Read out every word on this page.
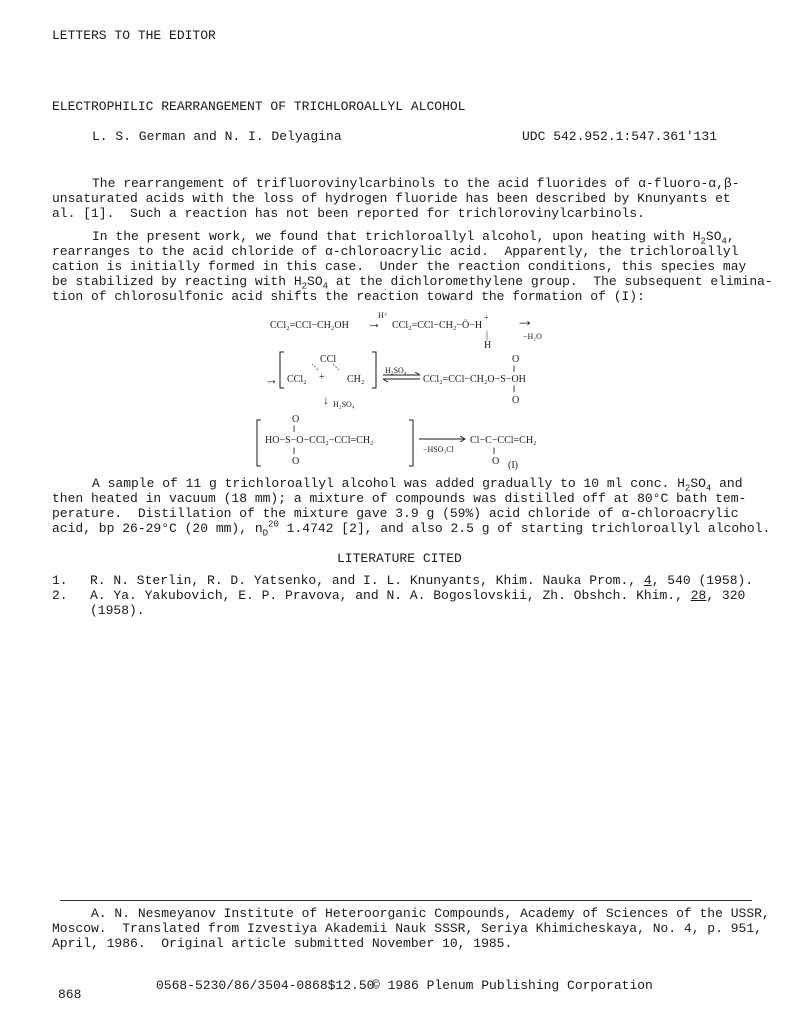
LETTERS TO THE EDITOR
ELECTROPHILIC REARRANGEMENT OF TRICHLOROALLYL ALCOHOL
L. S. German and N. I. Delyagina	UDC 542.952.1:547.361'131
The rearrangement of trifluorovinylcarbinols to the acid fluorides of α-fluoro-α,β-
unsaturated acids with the loss of hydrogen fluoride has been described by Knunyants et
al. [1].  Such a reaction has not been reported for trichlorovinylcarbinols.
In the present work, we found that trichloroallyl alcohol, upon heating with $H_2SO_4$,
rearranges to the acid chloride of α-chloroacrylic acid.  Apparently, the trichloroallyl
cation is initially formed in this case.  Under the reaction conditions, this species may
be stabilized by reacting with $H_2SO_4$ at the dichloromethylene group.  The subsequent elimina-
tion of chlorosulfonic acid shifts the reaction toward the formation of (I):
CCl₂=CCl−CH₂OH
H⁺
→ CCl₂=CCl−CH₂−Ö−H
+
|
H
→
−H₂O
→
CCl
CCl₂ + CH₂
H₂SO₄
⇌ CCl₂=CCl−CH₂O−S−OH
O
‖
‖
O
↓ H₂SO₄
O
‖
HO−S−O−CCl₂−CCl=CH₂
‖
O
−HSO₃Cl
Cl−C−CCl=CH₂
‖
O (I)
A sample of 11 g trichloroallyl alcohol was added gradually to 10 ml conc. $H_2SO_4$ and
then heated in vacuum (18 mm); a mixture of compounds was distilled off at 80°C bath tem-
perature.  Distillation of the mixture gave 3.9 g (59%) acid chloride of α-chloroacrylic
acid, bp 26-29°C (20 mm), $n_D^{20}$ 1.4742 [2], and also 2.5 g of starting trichloroallyl alcohol.
LITERATURE CITED
1. R. N. Sterlin, R. D. Yatsenko, and I. L. Knunyants, Khim. Nauka Prom., 4, 540 (1958).
2. A. Ya. Yakubovich, E. P. Pravova, and N. A. Bogoslovskii, Zh. Obshch. Khim., 28, 320
(1958).
A. N. Nesmeyanov Institute of Heteroorganic Compounds, Academy of Sciences of the USSR,
Moscow.  Translated from Izvestiya Akademii Nauk SSSR, Seriya Khimicheskaya, No. 4, p. 951,
April, 1986.  Original article submitted November 10, 1985.
868
0568-5230/86/3504-0868$12.50
© 1986 Plenum Publishing Corporation
